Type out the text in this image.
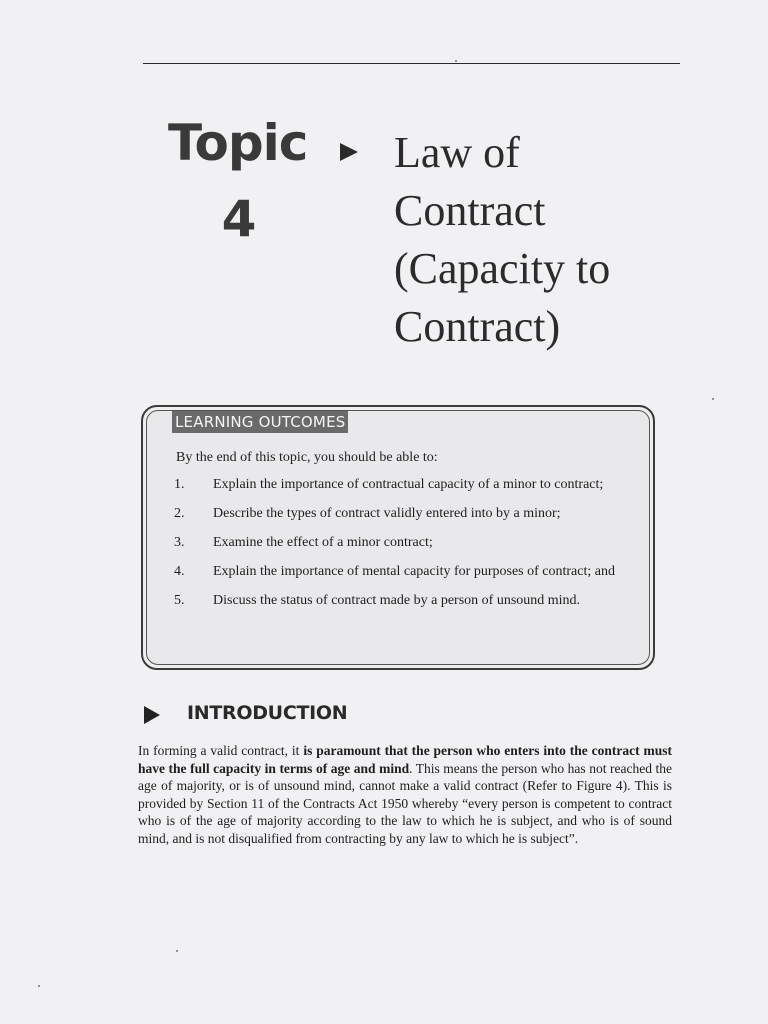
Topic
4
Law of
Contract
(Capacity to
Contract)
LEARNING OUTCOMES
By the end of this topic, you should be able to:
1. Explain the importance of contractual capacity of a minor to contract;
2. Describe the types of contract validly entered into by a minor;
3. Examine the effect of a minor contract;
4. Explain the importance of mental capacity for purposes of contract; and
5. Discuss the status of contract made by a person of unsound mind.
INTRODUCTION
In forming a valid contract, it is paramount that the person who enters into the contract must have the full capacity in terms of age and mind. This means the person who has not reached the age of majority, or is of unsound mind, cannot make a valid contract (Refer to Figure 4). This is provided by Section 11 of the Contracts Act 1950 whereby “every person is competent to contract who is of the age of majority according to the law to which he is subject, and who is of sound mind, and is not disqualified from contracting by any law to which he is subject”.
